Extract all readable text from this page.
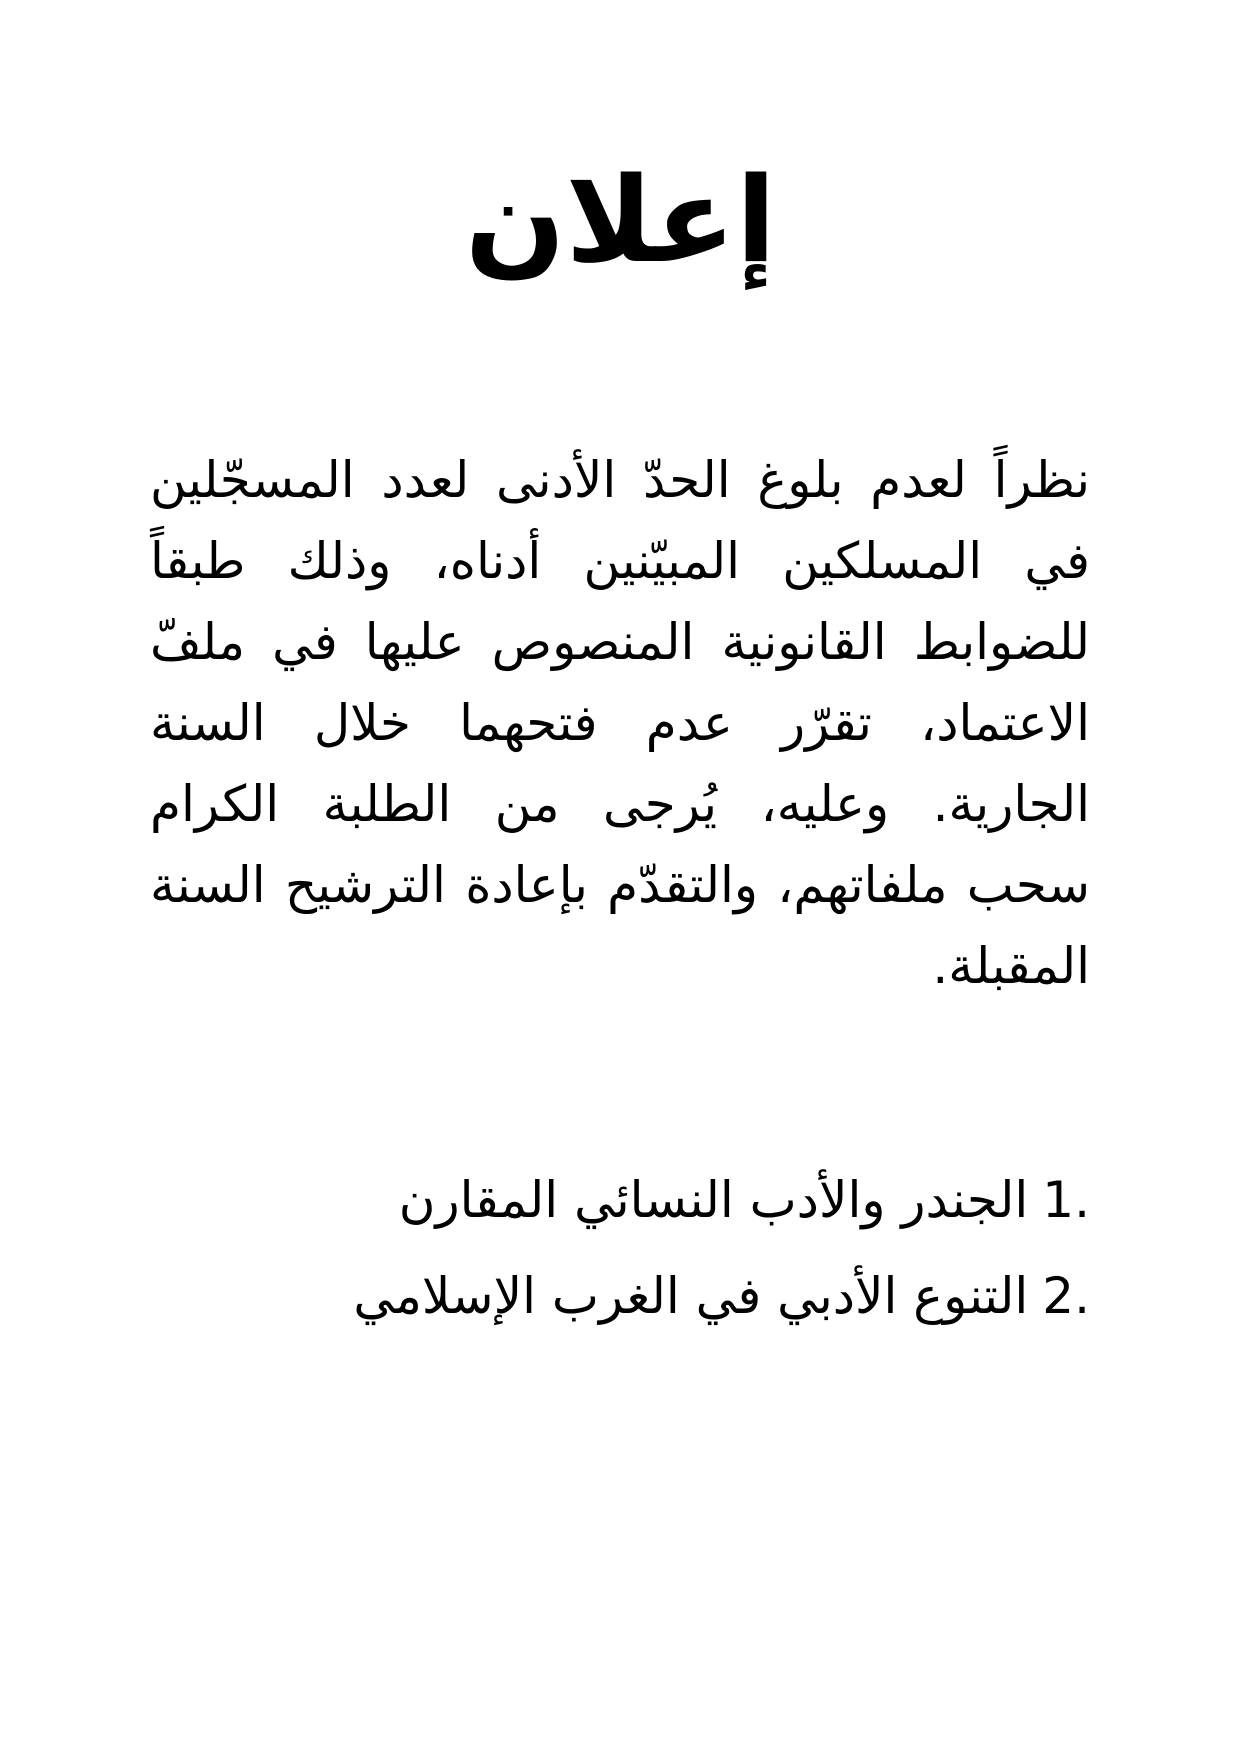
إعلان

نظراً لعدم بلوغ الحدّ الأدنى لعدد المسجّلين في المسلكين المبيّنين أدناه، وذلك طبقاً للضوابط القانونية المنصوص عليها في ملفّ الاعتماد، تقرّر عدم فتحهما خلال السنة الجارية. وعليه، يُرجى من الطلبة الكرام سحب ملفاتهم، والتقدّم بإعادة الترشيح السنة المقبلة.

1.الجندر والأدب النسائي المقارن
2.التنوع الأدبي في الغرب الإسلامي
